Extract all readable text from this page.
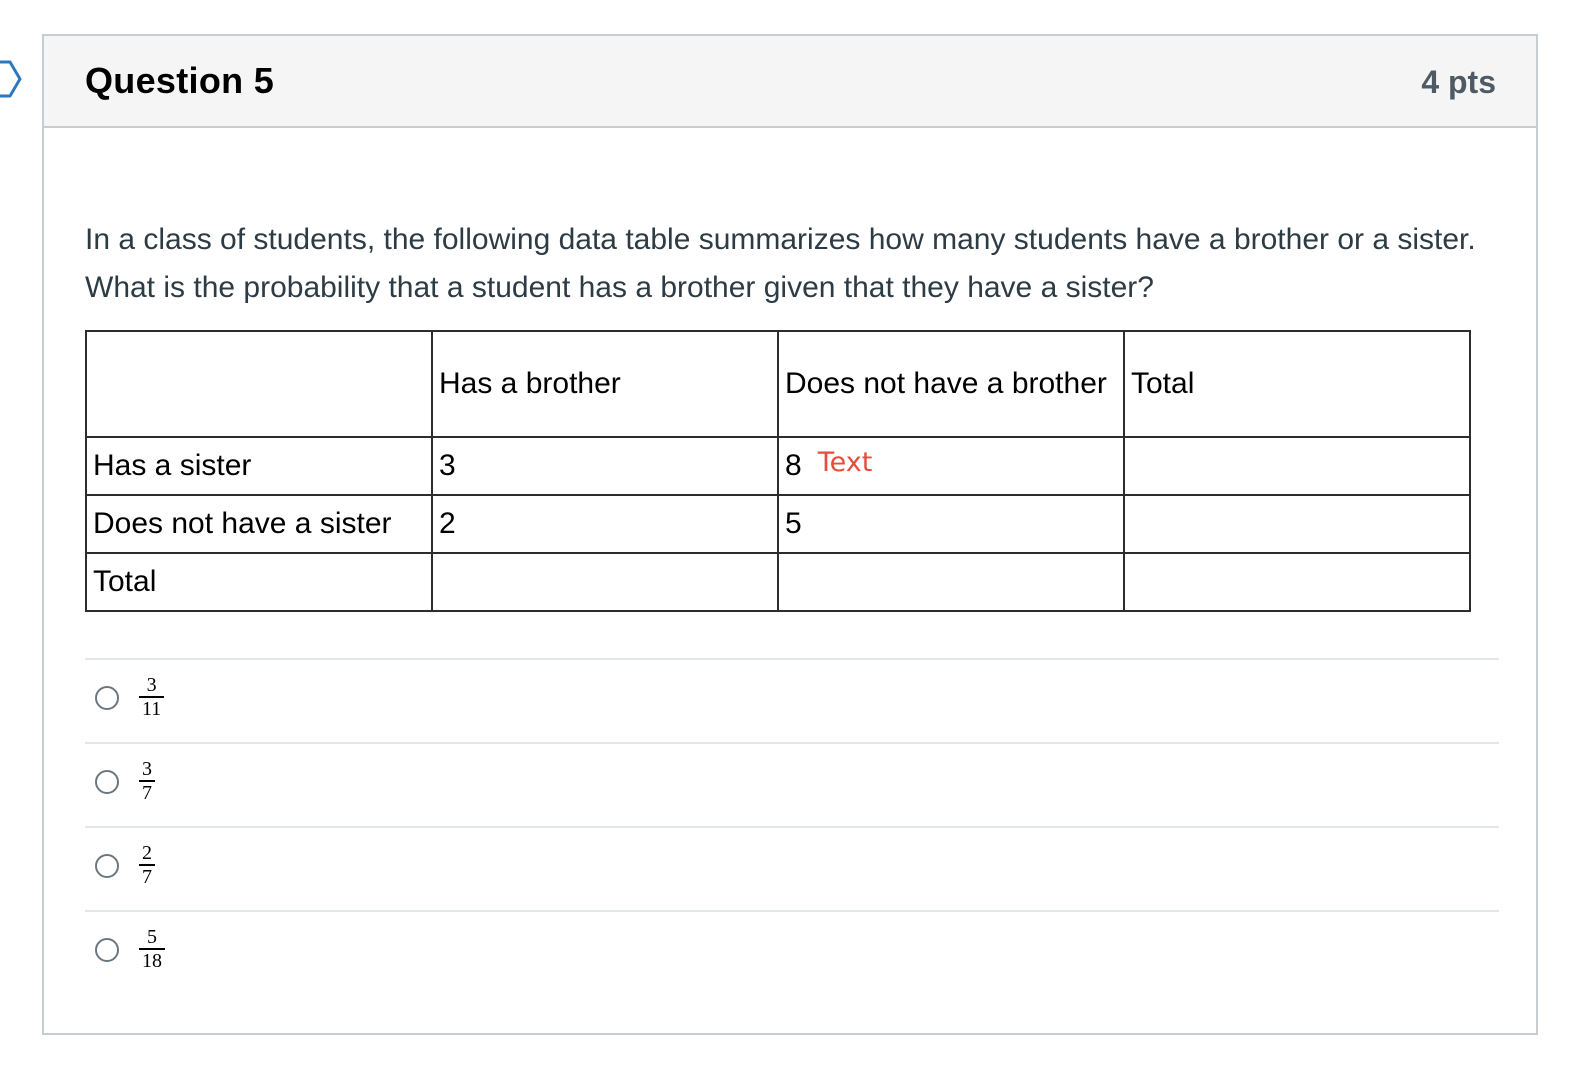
Question 5	4 pts
In a class of students, the following data table summarizes how many students have a brother or a sister. What is the probability that a student has a brother given that they have a sister?
	Has a brother	Does not have a brother	Total
Has a sister	3	8 Text	
Does not have a sister	2	5	
Total			
$\frac{3}{11}$
$\frac{3}{7}$
$\frac{2}{7}$
$\frac{5}{18}$
